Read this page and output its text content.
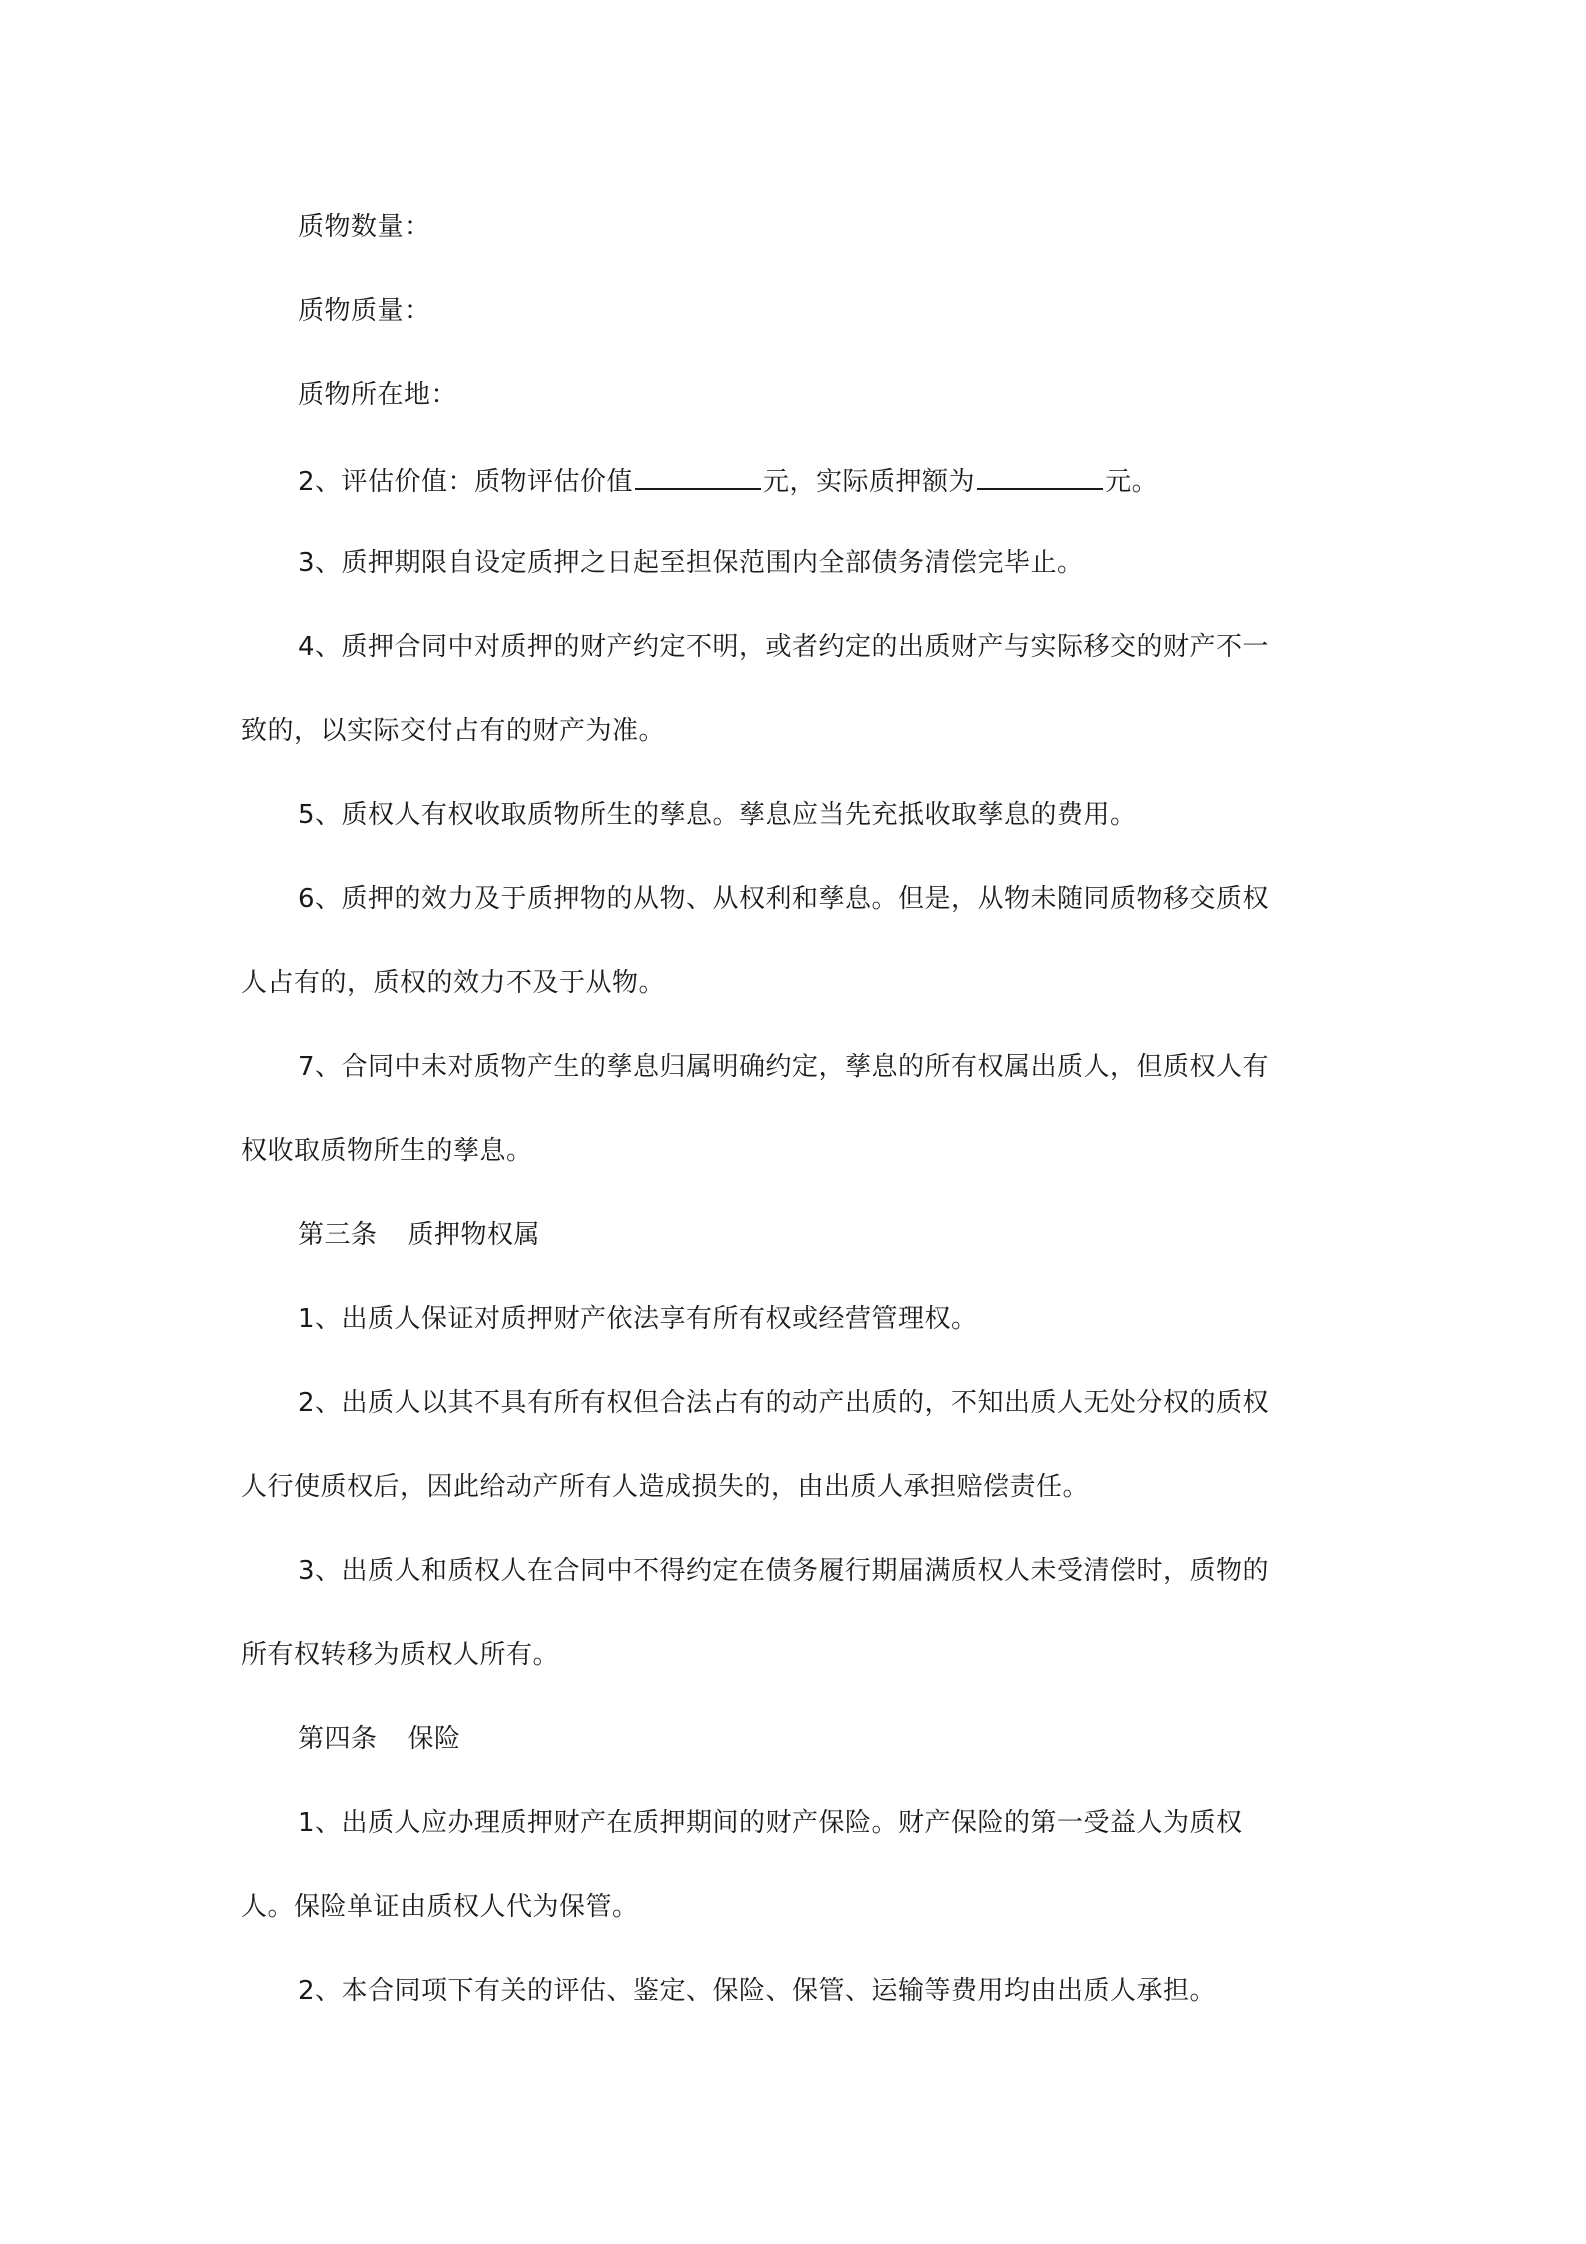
质物数量：
质物质量：
质物所在地：
2、评估价值：质物评估价值	元，实际质押额为	元。
3、质押期限自设定质押之日起至担保范围内全部债务清偿完毕止。
4、质押合同中对质押的财产约定不明，或者约定的出质财产与实际移交的财产不一
致的，以实际交付占有的财产为准。
5、质权人有权收取质物所生的孳息。孳息应当先充抵收取孳息的费用。
6、质押的效力及于质押物的从物、从权利和孳息。但是，从物未随同质物移交质权
人占有的，质权的效力不及于从物。
7、合同中未对质物产生的孳息归属明确约定，孳息的所有权属出质人，但质权人有
权收取质物所生的孳息。
第三条 质押物权属
1、出质人保证对质押财产依法享有所有权或经营管理权。
2、出质人以其不具有所有权但合法占有的动产出质的，不知出质人无处分权的质权
人行使质权后，因此给动产所有人造成损失的，由出质人承担赔偿责任。
3、出质人和质权人在合同中不得约定在债务履行期届满质权人未受清偿时，质物的
所有权转移为质权人所有。
第四条 保险
1、出质人应办理质押财产在质押期间的财产保险。财产保险的第一受益人为质权
人。保险单证由质权人代为保管。
2、本合同项下有关的评估、鉴定、保险、保管、运输等费用均由出质人承担。
